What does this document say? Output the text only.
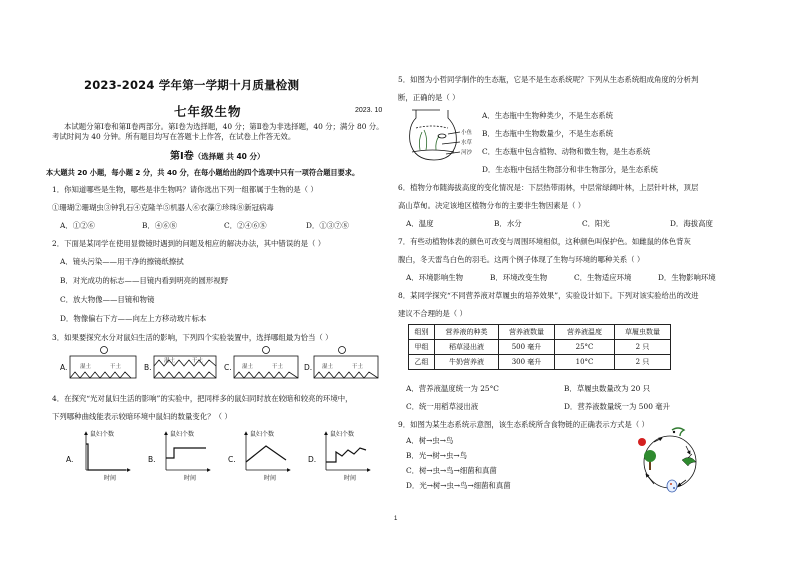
2023-2024 学年第一学期十月质量检测
七年级生物	2023. 10
本试题分第Ⅰ卷和第Ⅱ卷两部分。第Ⅰ卷为选择题，40 分；第Ⅱ卷为非选择题，40 分；满分 80 分。考试时间为 40 分钟。所有题目均写在答题卡上作答，在试卷上作答无效。
第Ⅰ卷（选择题 共 40 分）
本大题共 20 小题，每小题 2 分，共 40 分，在每小题给出的四个选项中只有一项符合题目要求。
1．你知道哪些是生物，哪些是非生物吗？请你选出下列一组都属于生物的是（ ）
①珊瑚②珊瑚虫③钟乳石④克隆羊⑤机器人⑥衣藻⑦珍珠⑧新冠病毒
A．①②⑥	B．④⑥⑧	C．②④⑥⑧	D．①③⑦⑧
2．下面是某同学在使用显微镜时遇到的问题及相应的解决办法，其中错误的是（ ）
A．镜头污染——用干净的擦镜纸擦拭
B．对光成功的标志——目镜内看到明亮的圆形视野
C．放大物像——目镜和物镜
D．物像偏右下方——向左上方移动玻片标本
3．如果要探究水分对鼠妇生活的影响，下列四个实验装置中，选择哪组最为恰当（ ）
A.	B.	C.	D.
湿土	干土
湿土	干土
湿土	干土	湿土	干土
4．在探究“光对鼠妇生活的影响”的实验中，把同样多的鼠妇同时放在较暗和较亮的环境中，
下列哪种曲线能表示较暗环境中鼠妇的数量变化？（ ）
A.	B.	C.	D.
鼠妇个数
时间
鼠妇个数
时间
鼠妇个数
时间
鼠妇个数
时间
5．如图为小哲同学制作的生态瓶，它是不是生态系统呢？下列从生态系统组成角度的分析判
断，正确的是（ ）
小鱼
水草
河沙
A．生态瓶中生物种类少，不是生态系统
B．生态瓶中生物数量少，不是生态系统
C．生态瓶中包含植物、动物和微生物，是生态系统
D．生态瓶中包括生物部分和非生物部分，是生态系统
6．植物分布随海拔高度的变化情况是：下层热带雨林，中层常绿阔叶林，上层针叶林，顶层
高山草甸。决定该地区植物分布的主要非生物因素是（ ）
A．温度	B．水分	C．阳光	D．海拔高度
7．有些动植物体表的颜色可改变与周围环境相似，这种颜色叫保护色。如雌鼠的体色背灰
腹白，冬天雷鸟白色的羽毛。这两个例子体现了生物与环境的哪种关系（ ）
A．环境影响生物	B．环境改变生物	C．生物适应环境	D．生物影响环境
8．某同学探究“不同营养液对草履虫的培养效果”，实验设计如下。下列对该实验给出的改进
建议不合理的是（ ）
组别	营养液的种类	营养液数量	营养液温度	草履虫数量
甲组	稻草浸出液	500 毫升	25°C	2 只
乙组	牛奶营养液	300 毫升	10°C	2 只
A．营养液温度统一为 25°C	B．草履虫数量改为 20 只
C．统一用稻草浸出液	D．营养液数量统一为 500 毫升
9．如图为某生态系统示意图，该生态系统所含食物链的正确表示方式是（ ）
A．树→虫→鸟
B．光→树→虫→鸟
C．树→虫→鸟→细菌和真菌
D．光→树→虫→鸟→细菌和真菌
1
